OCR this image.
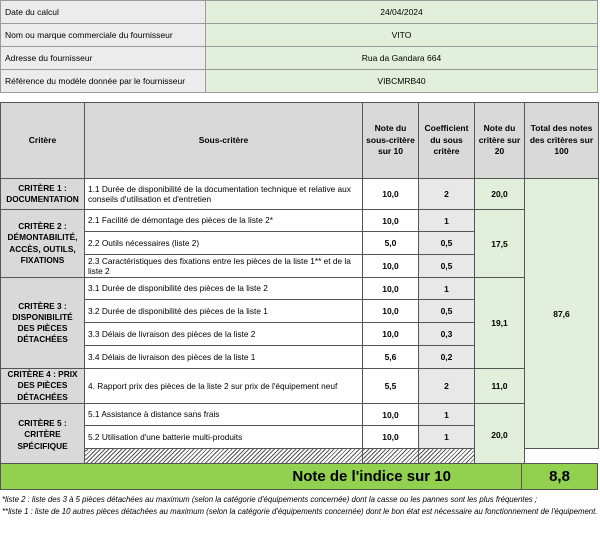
Date du calcul	24/04/2024
Nom ou marque commerciale du fournisseur	VITO
Adresse du fournisseur	Rua da Gandara 664
Référence du modèle donnée par le fournisseur	VIBCMRB40
Critère	Sous-critère	Note du sous-critère sur 10	Coefficient du sous critère	Note du critère sur 20	Total des notes des critères sur 100
CRITÈRE 1 : DOCUMENTATION	1.1 Durée de disponibilité de la documentation technique et relative aux conseils d'utilisation et d'entretien	10,0	2	20,0	87,6
CRITÈRE 2 : DÉMONTABILITÉ, ACCÈS, OUTILS, FIXATIONS	2.1 Facilité de démontage des pièces de la liste 2*	10,0	1	17,5	
	2.2 Outils nécessaires (liste 2)	5,0	0,5		
	2.3 Caractéristiques des fixations entre les pièces de la liste 1** et de la liste 2	10,0	0,5		
CRITÈRE 3 : DISPONIBILITÉ DES PIÈCES DÉTACHÉES	3.1 Durée de disponibilité des pièces de la liste 2	10,0	1	19,1	
	3.2 Durée de disponibilité des pièces de la liste 1	10,0	0,5		
	3.3 Délais de livraison des pièces de la liste 2	10,0	0,3		
	3.4 Délais de livraison des pièces de la liste 1	5,6	0,2		
CRITÈRE 4 : PRIX DES PIÈCES DÉTACHÉES	4. Rapport prix des pièces de la liste 2 sur prix de l'équipement neuf	5,5	2	11,0	
CRITÈRE 5 : CRITÈRE SPÉCIFIQUE	5.1 Assistance à distance sans frais	10,0	1	20,0	
	5.2 Utilisation d'une batterie multi-produits	10,0	1		

Note de l'indice sur 10	8,8
*liste 2 : liste des 3 à 5 pièces détachées au maximum (selon la catégorie d'équipements concernée) dont la casse ou les pannes sont les plus fréquentes ;
**liste 1 : liste de 10 autres pièces détachées au maximum (selon la catégorie d'équipements concernée) dont le bon état est nécessaire au fonctionnement de l'équipement.
